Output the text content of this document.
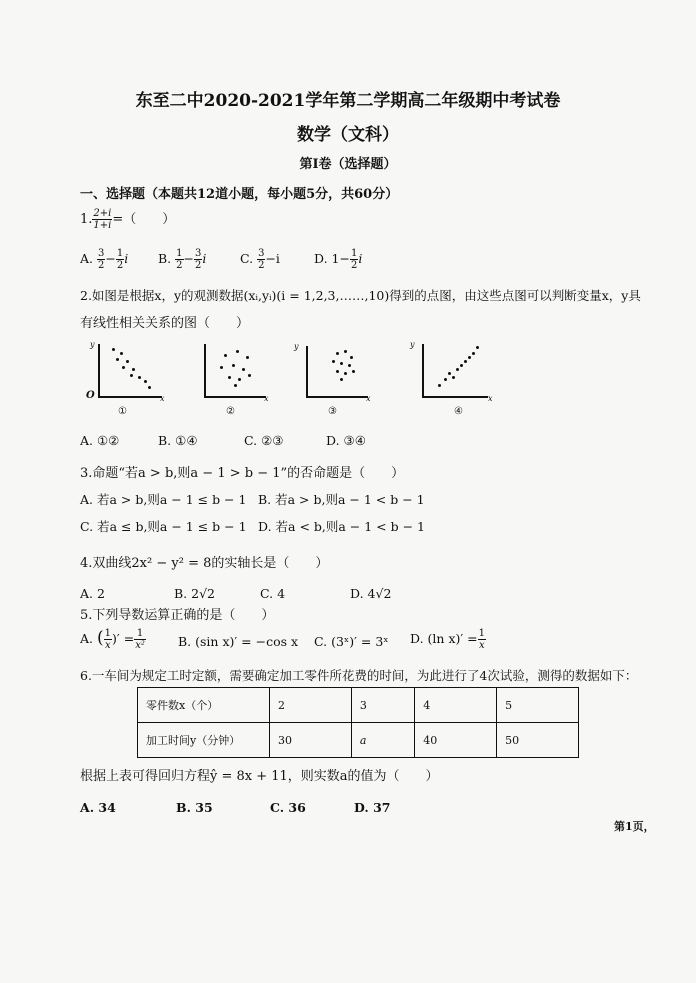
东至二中2020-2021学年第二学期高二年级期中考试卷
数学（文科）
第Ⅰ卷（选择题）
一、选择题（本题共12道小题，每小题5分，共60分）
1. $\frac{2+i}{1+i}$ =（　　）
A. $\frac{3}{2} - \frac{1}{2}$ i B. $\frac{1}{2} - \frac{3}{2}$ i	C. $\frac{3}{2} -i$	D. $1- \frac{1}{2}$ i
2.如图是根据x，y的观测数据(xᵢ,yᵢ)(i = 1,2,3,……,10)得到的点图，由这些点图可以判断变量x，y具
有线性相关关系的图（　　）
y
O	x
①
x
②
y
x
③
y
x
④
A. ①②	B. ①④	C. ②③	D. ③④
3.命题“若a > b,则a − 1 > b − 1”的否命题是（　　）
A. 若a > b,则a − 1 ≤ b − 1 B. 若a > b,则a − 1 < b − 1
C. 若a ≤ b,则a − 1 ≤ b − 1 D. 若a < b,则a − 1 < b − 1
4.双曲线2x² − y² = 8的实轴长是（　　）
A. 2	B. 2√2	C. 4	D. 4√2
5.下列导数运算正确的是（　　）
A. ( $\frac{1}{x}$ )′ = $\frac{1}{\text{x²}}$	B. (sin x)′ = −cos x C. (3ˣ)′ = 3ˣ D. (ln $x)' = \frac{1}{x}$
6.一车间为规定工时定额，需要确定加工零件所花费的时间，为此进行了4次试验，测得的数据如下：
零件数x（个）	2	3	4	5
加工时间y（分钟）	30	a	40	50
根据上表可得回归方程ŷ = 8x + 11，则实数a的值为（　　）
A. 34	B. 35	C. 36	D. 37
第1页，
